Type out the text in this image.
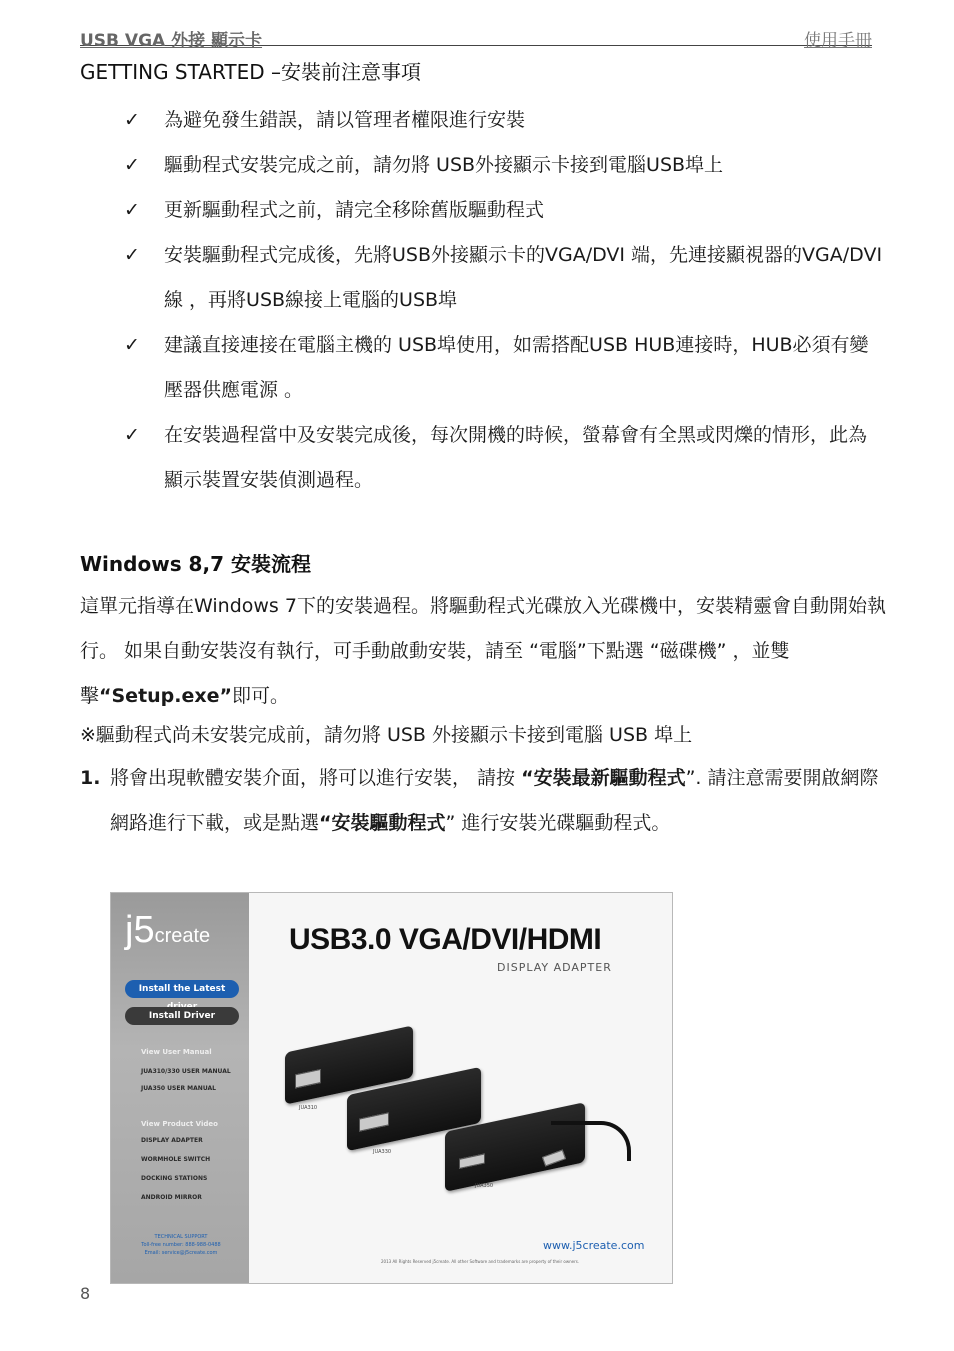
USB VGA 外接 顯示卡	使用手冊
GETTING STARTED –安裝前注意事項
✓	為避免發生錯誤，請以管理者權限進行安裝
✓	驅動程式安裝完成之前，請勿將 USB外接顯示卡接到電腦USB埠上
✓	更新驅動程式之前，請完全移除舊版驅動程式
✓	安裝驅動程式完成後，先將USB外接顯示卡的VGA/DVI 端，先連接顯視器的VGA/DVI線 ，再將USB線接上電腦的USB埠
✓	建議直接連接在電腦主機的 USB埠使用，如需搭配USB HUB連接時，HUB必須有變壓器供應電源 。
✓	在安裝過程當中及安裝完成後，每次開機的時候，螢幕會有全黑或閃爍的情形，此為顯示裝置安裝偵測過程。
Windows 8,7 安裝流程
這單元指導在Windows 7下的安裝過程。將驅動程式光碟放入光碟機中，安裝精靈會自動開始執行。 如果自動安裝沒有執行，可手動啟動安裝，請至 “電腦”下點選 “磁碟機” ，並雙擊“Setup.exe”即可。
※驅動程式尚未安裝完成前，請勿將 USB 外接顯示卡接到電腦 USB 埠上
1. 將會出現軟體安裝介面，將可以進行安裝， 請按 “安裝最新驅動程式”. 請注意需要開啟網際網路進行下載，或是點選“安裝驅動程式” 進行安裝光碟驅動程式。
j5create
Install the Latest
Install Driver
View User Manual
JUA310/330 USER MANUAL
JUA350 USER MANUAL
View Product Video
DISPLAY ADAPTER
WORMHOLE SWITCH
DOCKING STATIONS
ANDROID MIRROR
TECHNICAL SUPPORT
Toll-free number: 888-988-0488
Email: service@j5create.com
USB3.0 VGA/DVI/HDMI
DISPLAY ADAPTER
JUA310
JUA330
JUA350
www.j5create.com
2013 All Rights Reserved j5create. All other Software and trademarks are property of their owners.
8
